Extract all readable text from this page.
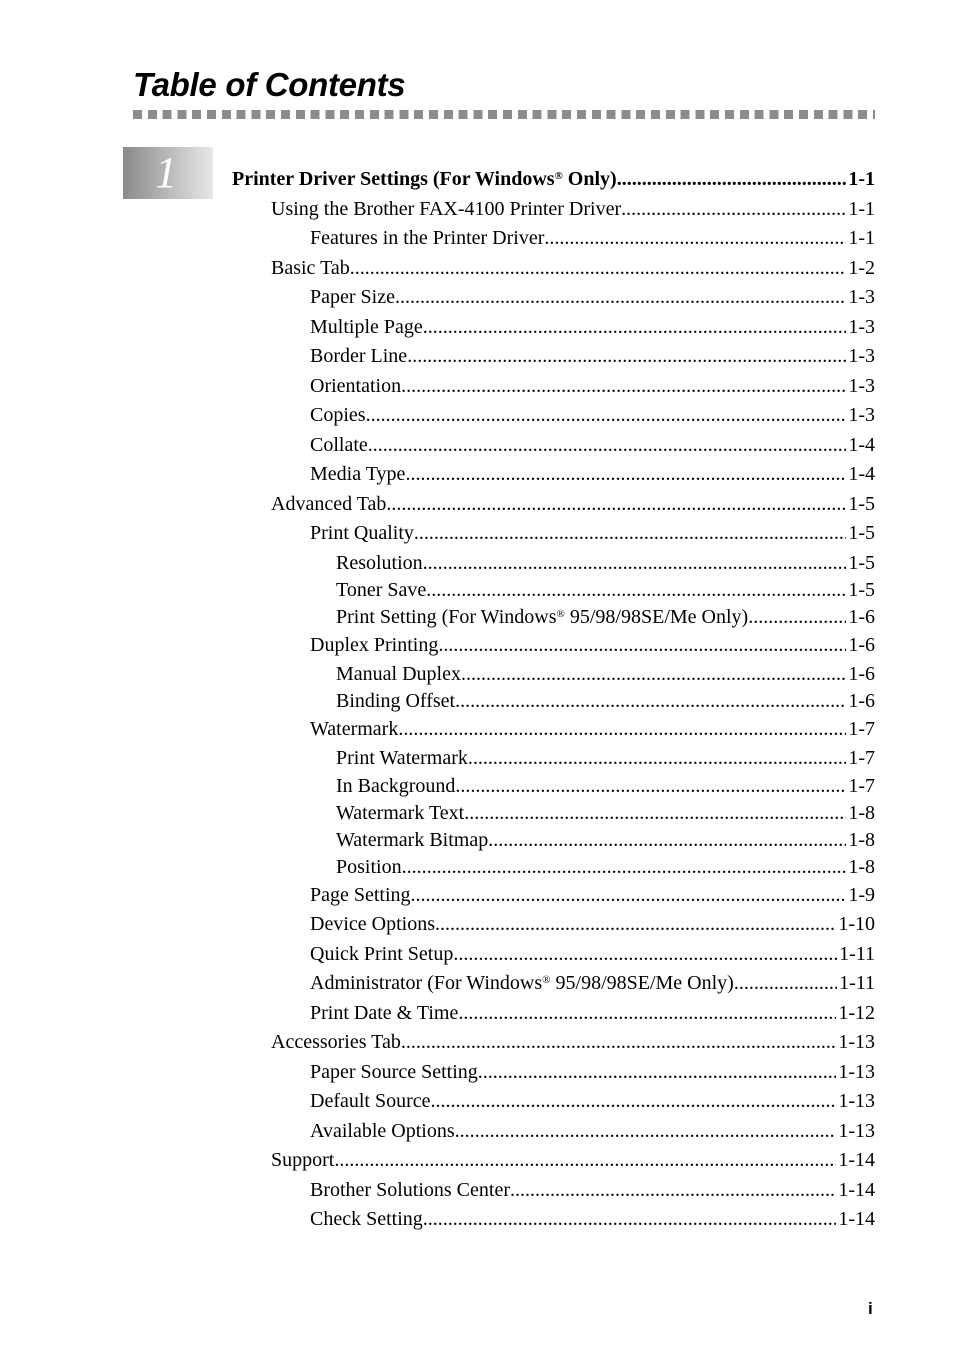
Table of Contents
1	Printer Driver Settings (For Windows® Only) .....	1-1
Using the Brother FAX-4100 Printer Driver .....	1-1
Features in the Printer Driver .....	1-1
Basic Tab .....	1-2
Paper Size .....	1-3
Multiple Page .....	1-3
Border Line .....	1-3
Orientation .....	1-3
Copies .....	1-3
Collate .....	1-4
Media Type .....	1-4
Advanced Tab .....	1-5
Print Quality .....	1-5
Resolution .....	1-5
Toner Save .....	1-5
Print Setting (For Windows® 95/98/98SE/Me Only) .....	1-6
Duplex Printing .....	1-6
Manual Duplex .....	1-6
Binding Offset .....	1-6
Watermark .....	1-7
Print Watermark .....	1-7
In Background .....	1-7
Watermark Text .....	1-8
Watermark Bitmap .....	1-8
Position .....	1-8
Page Setting .....	1-9
Device Options .....	1-10
Quick Print Setup .....	1-11
Administrator (For Windows® 95/98/98SE/Me Only) .....	1-11
Print Date & Time .....	1-12
Accessories Tab .....	1-13
Paper Source Setting .....	1-13
Default Source .....	1-13
Available Options .....	1-13
Support .....	1-14
Brother Solutions Center .....	1-14
Check Setting .....	1-14
i
